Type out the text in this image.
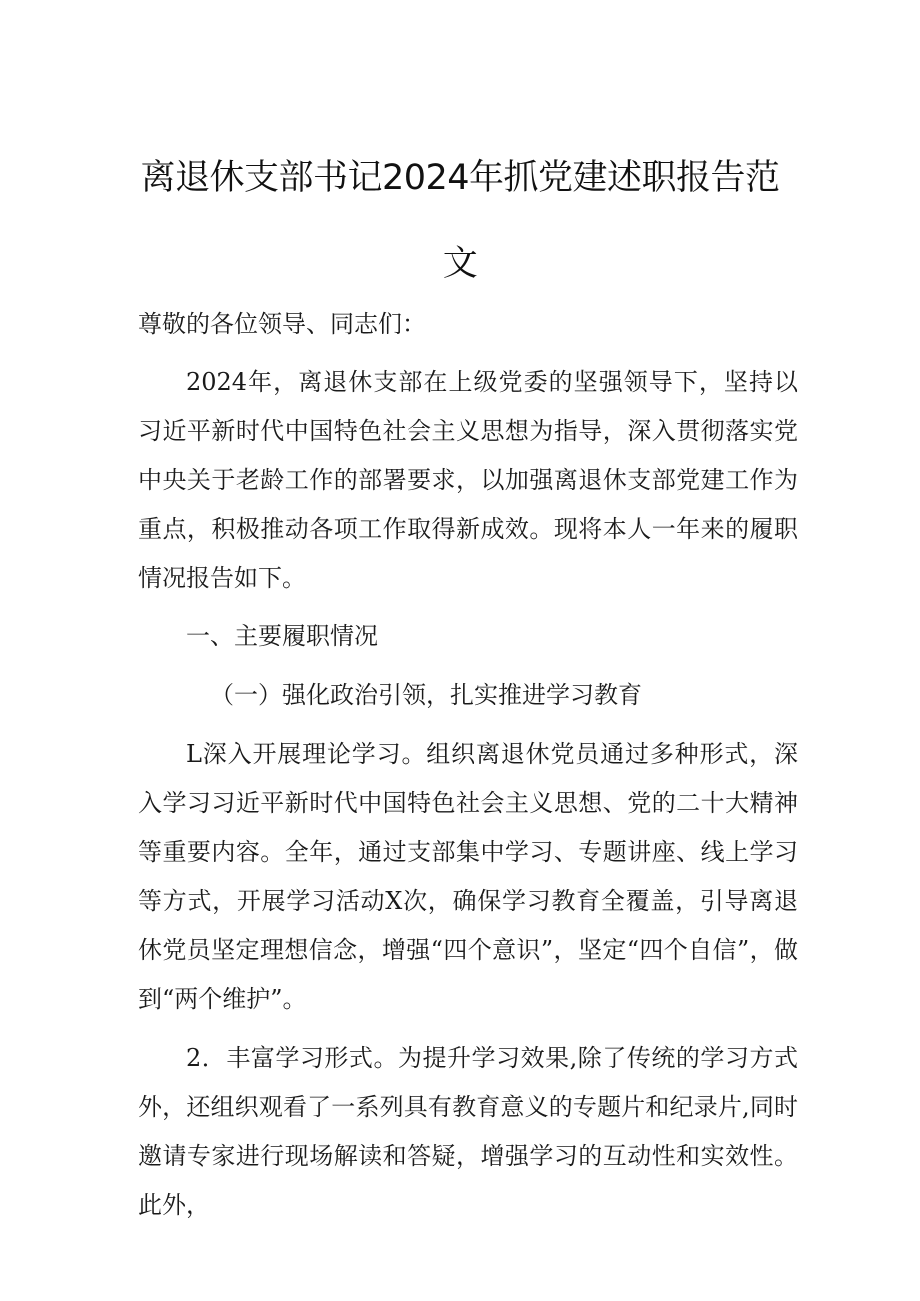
离退休支部书记2024年抓党建述职报告范
文

尊敬的各位领导、同志们：

2024年，离退休支部在上级党委的坚强领导下，坚持以习近平新时代中国特色社会主义思想为指导，深入贯彻落实党中央关于老龄工作的部署要求，以加强离退休支部党建工作为重点，积极推动各项工作取得新成效。现将本人一年来的履职情况报告如下。

一、主要履职情况

（一）强化政治引领，扎实推进学习教育

L深入开展理论学习。组织离退休党员通过多种形式，深入学习习近平新时代中国特色社会主义思想、党的二十大精神等重要内容。全年，通过支部集中学习、专题讲座、线上学习等方式，开展学习活动X次，确保学习教育全覆盖，引导离退休党员坚定理想信念，增强“四个意识”，坚定“四个自信”，做到“两个维护”。

2．丰富学习形式。为提升学习效果,除了传统的学习方式外，还组织观看了一系列具有教育意义的专题片和纪录片,同时邀请专家进行现场解读和答疑，增强学习的互动性和实效性。此外，
